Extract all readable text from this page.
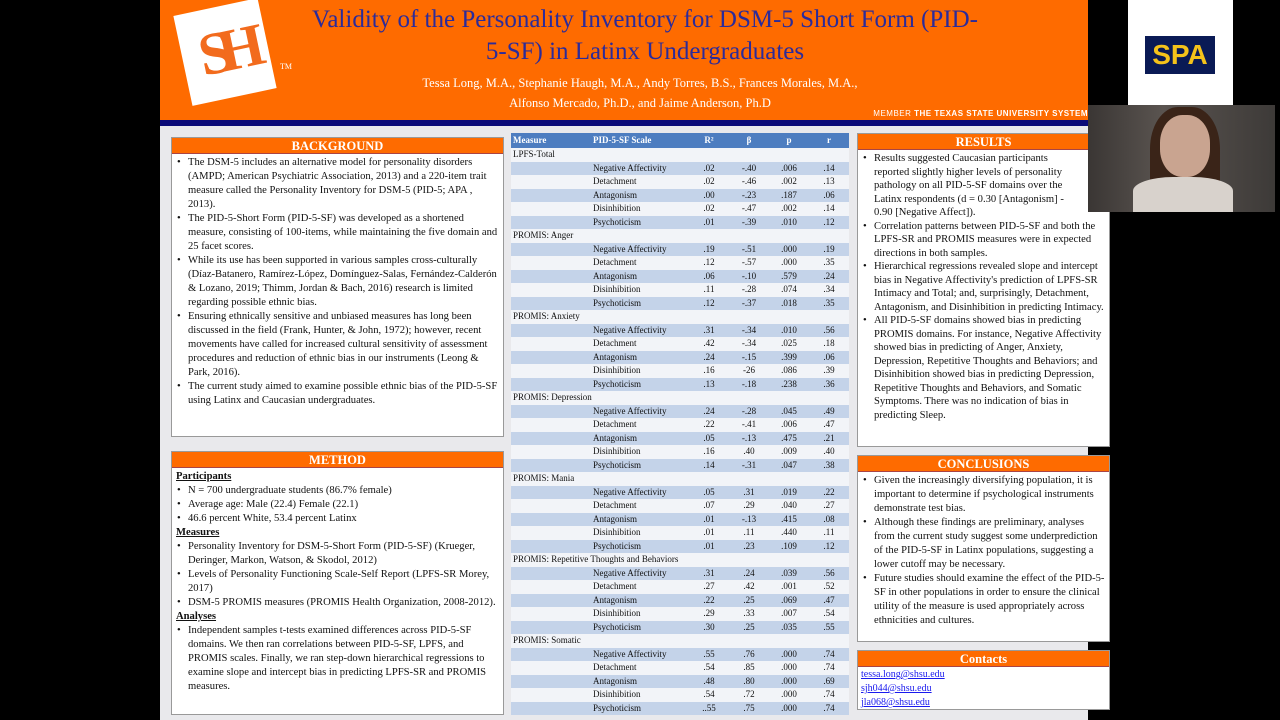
SH	TM
Validity of the Personality Inventory for DSM-5 Short Form (PID-5-SF) in Latinx Undergraduates
Tessa Long, M.A., Stephanie Haugh, M.A., Andy Torres, B.S., Frances Morales, M.A.,
Alfonso Mercado, Ph.D., and Jaime Anderson, Ph.D
MEMBER THE TEXAS STATE UNIVERSITY SYSTEM
BACKGROUND
• The DSM-5 includes an alternative model for personality disorders (AMPD; American Psychiatric Association, 2013) and a 220-item trait measure called the Personality Inventory for DSM-5 (PID-5; APA , 2013).
• The PID-5-Short Form (PID-5-SF) was developed as a shortened measure, consisting of 100-items, while maintaining the five domain and 25 facet scores.
• While its use has been supported in various samples cross-culturally (Díaz-Batanero, Ramírez-López, Domínguez-Salas, Fernández-Calderón & Lozano, 2019; Thimm, Jordan & Bach, 2016) research is limited regarding possible ethnic bias.
• Ensuring ethnically sensitive and unbiased measures has long been discussed in the field (Frank, Hunter, & John, 1972); however, recent movements have called for increased cultural sensitivity of assessment procedures and reduction of ethnic bias in our instruments (Leong & Park, 2016).
• The current study aimed to examine possible ethnic bias of the PID-5-SF using Latinx and Caucasian undergraduates.
METHOD
Participants
• N = 700 undergraduate students (86.7% female)
• Average age: Male (22.4) Female (22.1)
• 46.6 percent White, 53.4 percent Latinx
Measures
• Personality Inventory for DSM-5-Short Form (PID-5-SF) (Krueger, Deringer, Markon, Watson, & Skodol, 2012)
• Levels of Personality Functioning Scale-Self Report (LPFS-SR Morey, 2017)
• DSM-5 PROMIS measures (PROMIS Health Organization, 2008-2012).
Analyses
• Independent samples t-tests examined differences across PID-5-SF domains. We then ran correlations between PID-5-SF, LPFS, and PROMIS scales. Finally, we ran step-down hierarchical regressions to examine slope and intercept bias in predicting LPFS-SR and PROMIS measures.
Measure	PID-5-SF Scale	R²	β	p	r
LPFS-Total
Negative Affectivity	.02	-.40	.006	.14
Detachment	.02	-.46	.002	.13
Antagonism	.00	-.23	.187	.06
Disinhibition	.02	-.47	.002	.14
Psychoticism	.01	-.39	.010	.12
PROMIS: Anger
Negative Affectivity	.19	-.51	.000	.19
Detachment	.12	-.57	.000	.35
Antagonism	.06	-.10	.579	.24
Disinhibition	.11	-.28	.074	.34
Psychoticism	.12	-.37	.018	.35
PROMIS: Anxiety
Negative Affectivity	.31	-.34	.010	.56
Detachment	.42	-.34	.025	.18
Antagonism	.24	-.15	.399	.06
Disinhibition	.16	-26	.086	.39
Psychoticism	.13	-.18	.238	.36
PROMIS: Depression
Negative Affectivity	.24	-.28	.045	.49
Detachment	.22	-.41	.006	.47
Antagonism	.05	-.13	.475	.21
Disinhibition	.16	.40	.009	.40
Psychoticism	.14	-.31	.047	.38
PROMIS: Mania
Negative Affectivity	.05	.31	.019	.22
Detachment	.07	.29	.040	.27
Antagonism	.01	-.13	.415	.08
Disinhibition	.01	.11	.440	.11
Psychoticism	.01	.23	.109	.12
PROMIS: Repetitive Thoughts and Behaviors
Negative Affectivity	.31	.24	.039	.56
Detachment	.27	.42	.001	.52
Antagonism	.22	.25	.069	.47
Disinhibition	.29	.33	.007	.54
Psychoticism	.30	.25	.035	.55
PROMIS: Somatic
Negative Affectivity	.55	.76	.000	.74
Detachment	.54	.85	.000	.74
Antagonism	.48	.80	.000	.69
Disinhibition	.54	.72	.000	.74
Psychoticism	..55	.75	.000	.74
RESULTS
• Results suggested Caucasian participants reported slightly higher levels of personality pathology on all PID-5-SF domains over the Latinx respondents (d = 0.30 [Antagonism] - 0.90 [Negative Affect]).
• Correlation patterns between PID-5-SF and both the LPFS-SR and PROMIS measures were in expected directions in both samples.
• Hierarchical regressions revealed slope and intercept bias in Negative Affectivity's prediction of LPFS-SR Intimacy and Total; and, surprisingly, Detachment, Antagonism, and Disinhibition in predicting Intimacy.
• All PID-5-SF domains showed bias in predicting PROMIS domains. For instance, Negative Affectivity showed bias in predicting of Anger, Anxiety, Depression, Repetitive Thoughts and Behaviors; and Disinhibition showed bias in predicting Depression, Repetitive Thoughts and Behaviors, and Somatic Symptoms. There was no indication of bias in predicting Sleep.
CONCLUSIONS
• Given the increasingly diversifying population, it is important to determine if psychological instruments demonstrate test bias.
• Although these findings are preliminary, analyses from the current study suggest some underprediction of the PID-5-SF in Latinx populations, suggesting a lower cutoff may be necessary.
• Future studies should examine the effect of the PID-5-SF in other populations in order to ensure the clinical utility of the measure is used appropriately across ethnicities and cultures.
Contacts
tessa.long@shsu.edu
sjh044@shsu.edu
jla068@shsu.edu
SPA
